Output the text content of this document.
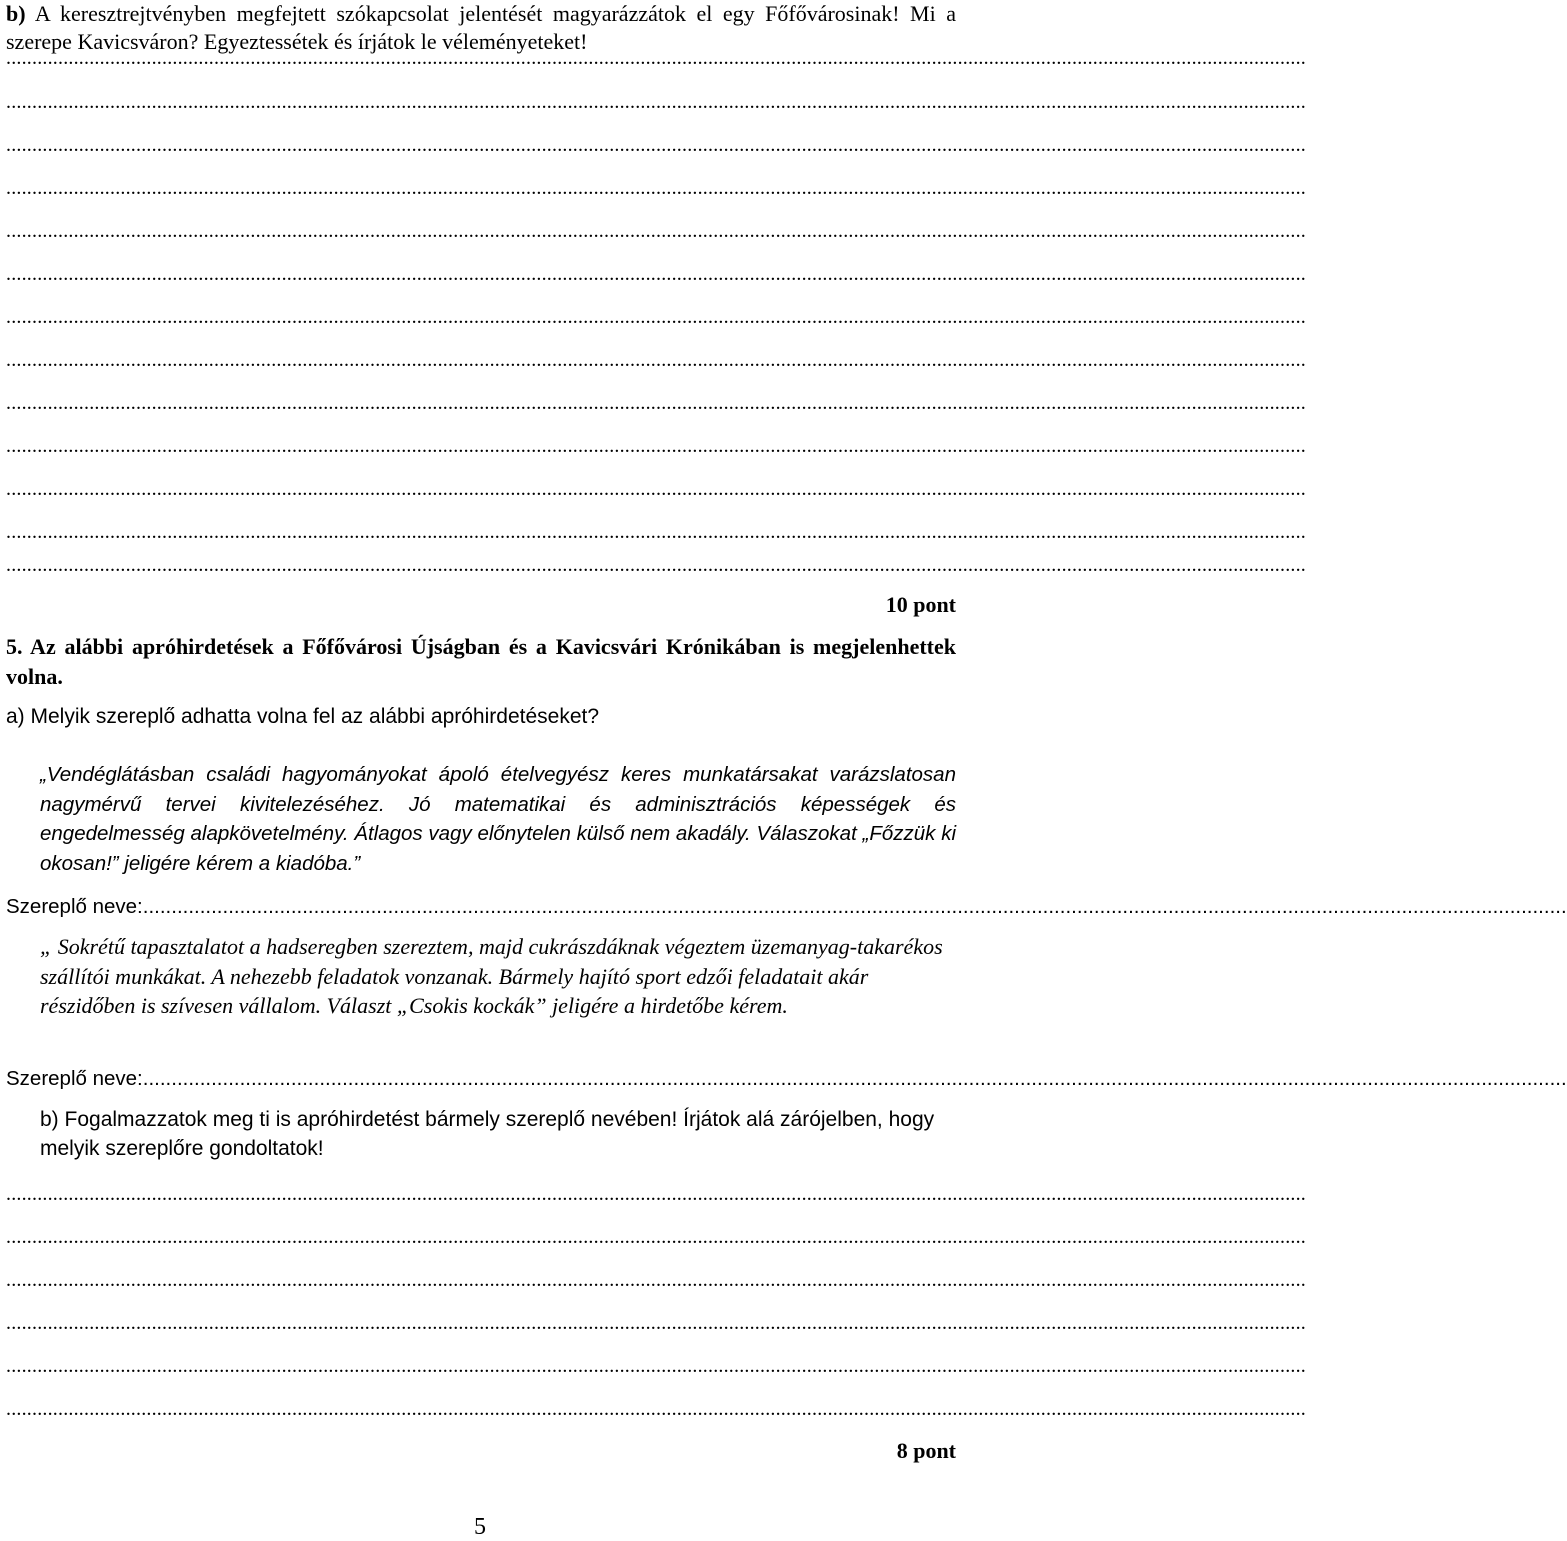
b) A keresztrejtvényben megfejtett szókapcsolat jelentését magyarázzátok el egy Főfővárosinak! Mi a szerepe Kavicsváron? Egyeztessétek és írjátok le véleményeteket!
..........................................................................................................................................................................................................................................................
..........................................................................................................................................................................................................................................................
..........................................................................................................................................................................................................................................................
..........................................................................................................................................................................................................................................................
..........................................................................................................................................................................................................................................................
..........................................................................................................................................................................................................................................................
..........................................................................................................................................................................................................................................................
..........................................................................................................................................................................................................................................................
..........................................................................................................................................................................................................................................................
..........................................................................................................................................................................................................................................................
..........................................................................................................................................................................................................................................................
..........................................................................................................................................................................................................................................................
..........................................................................................................................................................................................................................................................
10 pont
5. Az alábbi apróhirdetések a Főfővárosi Újságban és a Kavicsvári Krónikában is megjelenhettek volna.
a) Melyik szereplő adhatta volna fel az alábbi apróhirdetéseket?
„Vendéglátásban családi hagyományokat ápoló ételvegyész keres munkatársakat varázslatosan nagymérvű tervei kivitelezéséhez. Jó matematikai és adminisztrációs képességek és engedelmesség alapkövetelmény. Átlagos vagy előnytelen külső nem akadály. Válaszokat „Főzzük ki okosan!” jeligére kérem a kiadóba.”
Szereplő neve:..........................................................................................................................................................................................................................................................
„ Sokrétű tapasztalatot a hadseregben szereztem, majd cukrászdáknak végeztem üzemanyag-takarékos szállítói munkákat. A nehezebb feladatok vonzanak. Bármely hajító sport edzői feladatait akár részidőben is szívesen vállalom. Választ „Csokis kockák” jeligére a hirdetőbe kérem.
Szereplő neve:..........................................................................................................................................................................................................................................................
b) Fogalmazzatok meg ti is apróhirdetést bármely szereplő nevében! Írjátok alá zárójelben, hogy melyik szereplőre gondoltatok!
..........................................................................................................................................................................................................................................................
..........................................................................................................................................................................................................................................................
..........................................................................................................................................................................................................................................................
..........................................................................................................................................................................................................................................................
..........................................................................................................................................................................................................................................................
..........................................................................................................................................................................................................................................................
8 pont
5
